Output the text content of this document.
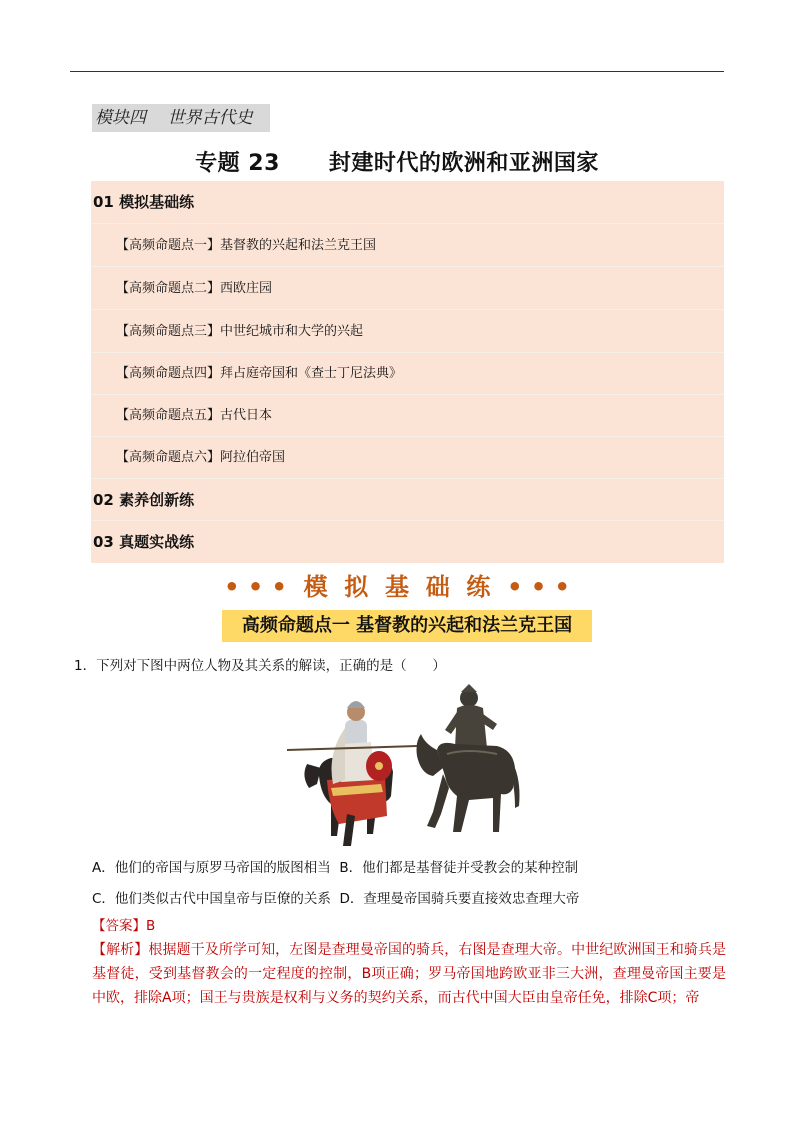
模块四    世界古代史
专题 23      封建时代的欧洲和亚洲国家
01 模拟基础练
【高频命题点一】基督教的兴起和法兰克王国
【高频命题点二】西欧庄园
【高频命题点三】中世纪城市和大学的兴起
【高频命题点四】拜占庭帝国和《查士丁尼法典》
【高频命题点五】古代日本
【高频命题点六】阿拉伯帝国
02 素养创新练
03 真题实战练
• • •  模  拟  基  础  练  • • •
高频命题点一 基督教的兴起和法兰克王国
1．下列对下图中两位人物及其关系的解读，正确的是（      ）
A．他们的帝国与原罗马帝国的版图相当  B．他们都是基督徒并受教会的某种控制
C．他们类似古代中国皇帝与臣僚的关系  D．查理曼帝国骑兵要直接效忠查理大帝
【答案】B
【解析】根据题干及所学可知，左图是查理曼帝国的骑兵，右图是查理大帝。中世纪欧洲国王和骑兵是基督徒，受到基督教会的一定程度的控制，B项正确；罗马帝国地跨欧亚非三大洲，查理曼帝国主要是中欧，排除A项；国王与贵族是权利与义务的契约关系，而古代中国大臣由皇帝任免，排除C项；帝
